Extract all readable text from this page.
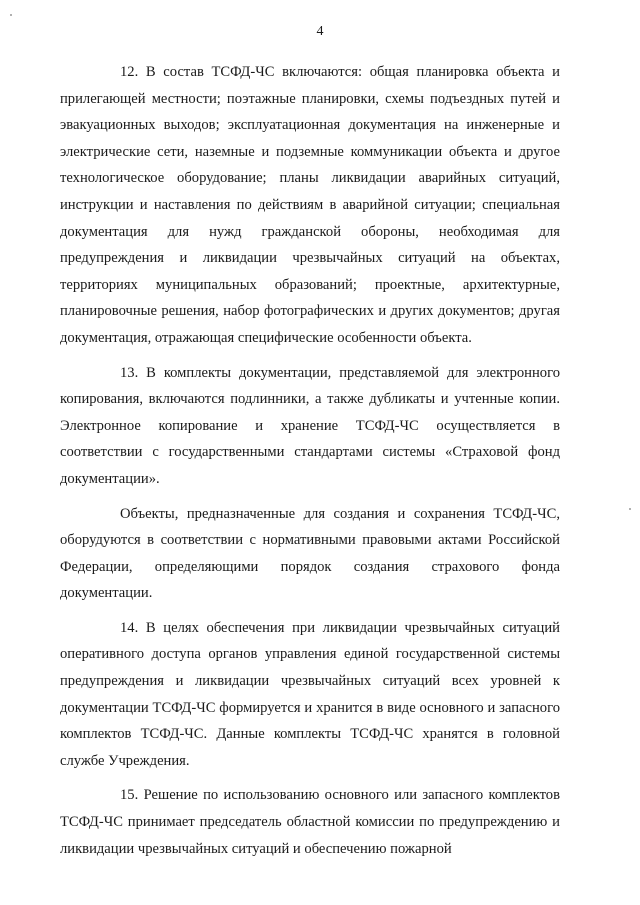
4

12. В состав ТСФД-ЧС включаются: общая планировка объекта и прилегающей местности; поэтажные планировки, схемы подъездных путей и эвакуационных выходов; эксплуатационная документация на инженерные и электрические сети, наземные и подземные коммуникации объекта и другое технологическое оборудование; планы ликвидации аварийных ситуаций, инструкции и наставления по действиям в аварийной ситуации; специальная документация для нужд гражданской обороны, необходимая для предупреждения и ликвидации чрезвычайных ситуаций на объектах, территориях муниципальных образований; проектные, архитектурные, планировочные решения, набор фотографических и других документов; другая документация, отражающая специфические особенности объекта.

13. В комплекты документации, представляемой для электронного копирования, включаются подлинники, а также дубликаты и учтенные копии. Электронное копирование и хранение ТСФД-ЧС осуществляется в соответствии с государственными стандартами системы «Страховой фонд документации».

Объекты, предназначенные для создания и сохранения ТСФД-ЧС, оборудуются в соответствии с нормативными правовыми актами Российской Федерации, определяющими порядок создания страхового фонда документации.

14. В целях обеспечения при ликвидации чрезвычайных ситуаций оперативного доступа органов управления единой государственной системы предупреждения и ликвидации чрезвычайных ситуаций всех уровней к документации ТСФД-ЧС формируется и хранится в виде основного и запасного комплектов ТСФД-ЧС. Данные комплекты ТСФД-ЧС хранятся в головной службе Учреждения.

15. Решение по использованию основного или запасного комплектов ТСФД-ЧС принимает председатель областной комиссии по предупреждению и ликвидации чрезвычайных ситуаций и обеспечению пожарной
